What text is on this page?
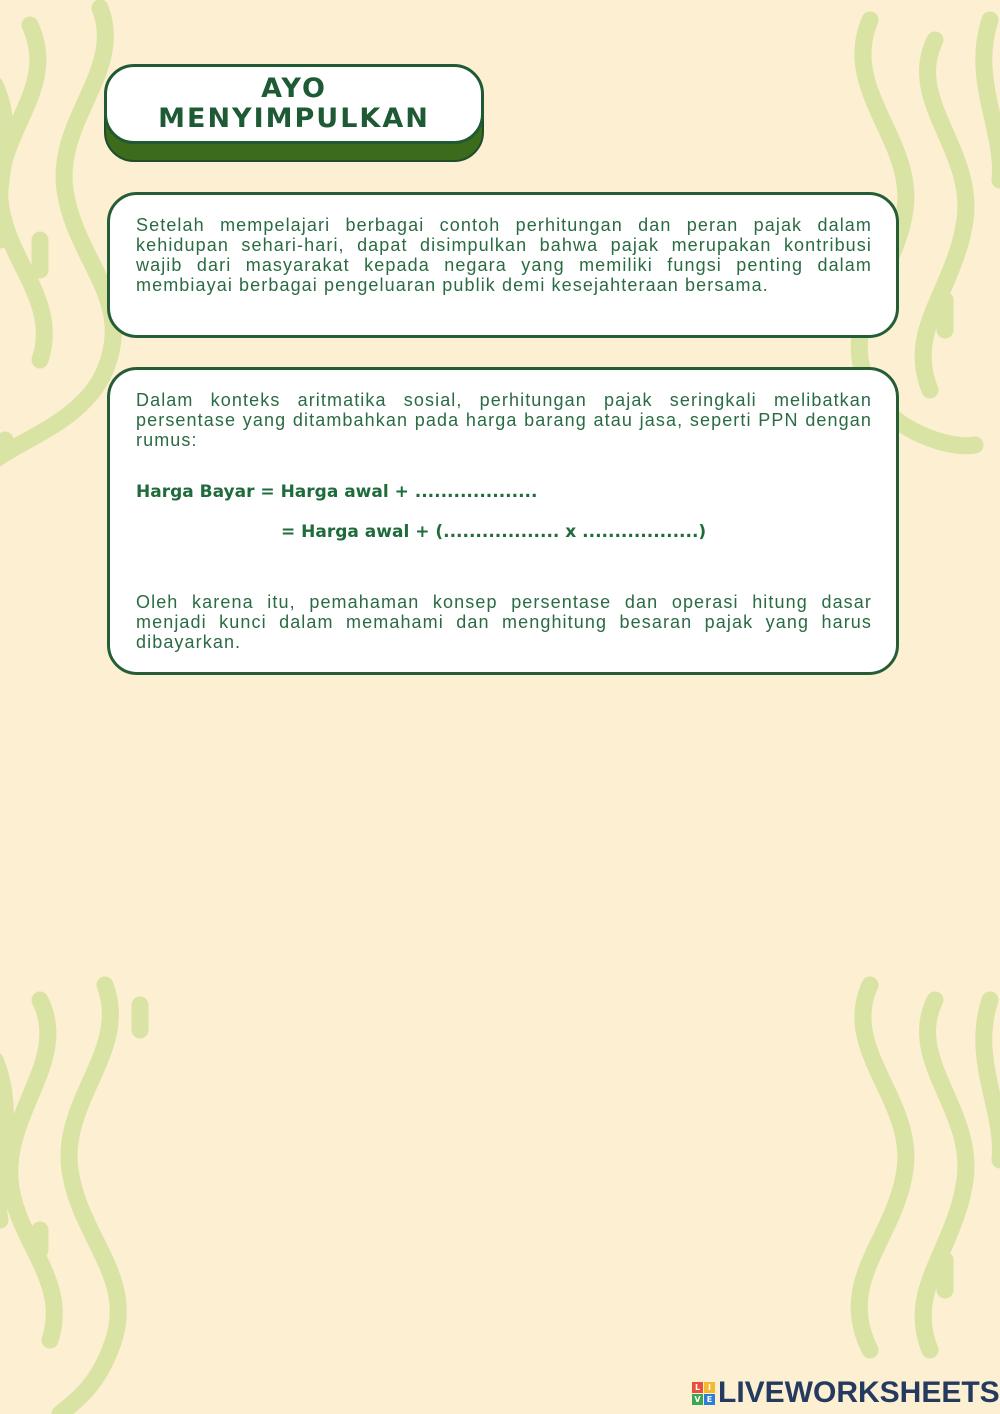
AYO
MENYIMPULKAN

Setelah mempelajari berbagai contoh perhitungan dan peran pajak dalam kehidupan sehari-hari, dapat disimpulkan bahwa pajak merupakan kontribusi wajib dari masyarakat kepada negara yang memiliki fungsi penting dalam membiayai berbagai pengeluaran publik demi kesejahteraan bersama.

Dalam konteks aritmatika sosial, perhitungan pajak seringkali melibatkan persentase yang ditambahkan pada harga barang atau jasa, seperti PPN dengan rumus:

Harga Bayar = Harga awal + ...................
= Harga awal + (.................. x ..................)

Oleh karena itu, pemahaman konsep persentase dan operasi hitung dasar menjadi kunci dalam memahami dan menghitung besaran pajak yang harus dibayarkan.

L I
V E LIVEWORKSHEETS
